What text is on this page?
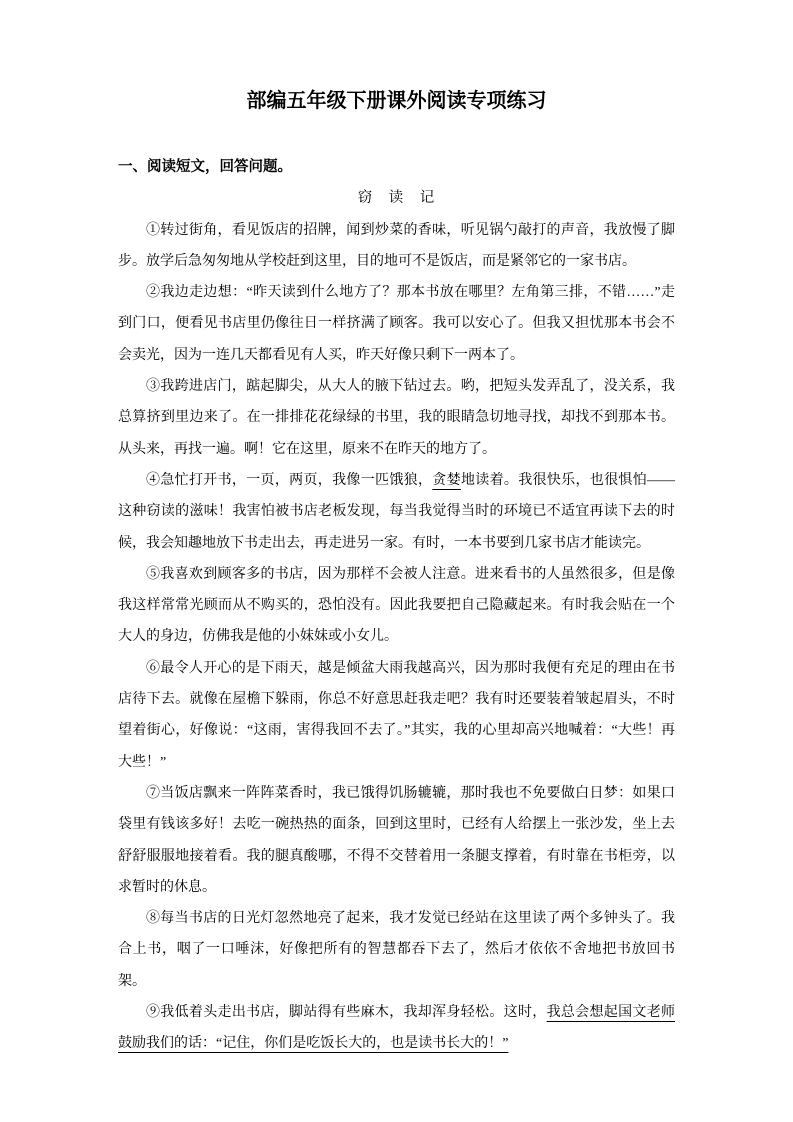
部编五年级下册课外阅读专项练习

一、阅读短文，回答问题。

窃　读　记

①转过街角，看见饭店的招牌，闻到炒菜的香味，听见锅勺敲打的声音，我放慢了脚步。放学后急匆匆地从学校赶到这里，目的地可不是饭店，而是紧邻它的一家书店。

②我边走边想：“昨天读到什么地方了？那本书放在哪里？左角第三排，不错……”走到门口，便看见书店里仍像往日一样挤满了顾客。我可以安心了。但我又担忧那本书会不会卖光，因为一连几天都看见有人买，昨天好像只剩下一两本了。

③我跨进店门，踮起脚尖，从大人的腋下钻过去。哟，把短头发弄乱了，没关系，我总算挤到里边来了。在一排排花花绿绿的书里，我的眼睛急切地寻找，却找不到那本书。从头来，再找一遍。啊！它在这里，原来不在昨天的地方了。

④急忙打开书，一页，两页，我像一匹饿狼，贪婪地读着。我很快乐，也很惧怕——这种窃读的滋味！我害怕被书店老板发现，每当我觉得当时的环境已不适宜再读下去的时候，我会知趣地放下书走出去，再走进另一家。有时，一本书要到几家书店才能读完。

⑤我喜欢到顾客多的书店，因为那样不会被人注意。进来看书的人虽然很多，但是像我这样常常光顾而从不购买的，恐怕没有。因此我要把自己隐藏起来。有时我会贴在一个大人的身边，仿佛我是他的小妹妹或小女儿。

⑥最令人开心的是下雨天，越是倾盆大雨我越高兴，因为那时我便有充足的理由在书店待下去。就像在屋檐下躲雨，你总不好意思赶我走吧？我有时还要装着皱起眉头，不时望着街心，好像说：“这雨，害得我回不去了。”其实，我的心里却高兴地喊着：“大些！再大些！”

⑦当饭店飘来一阵阵菜香时，我已饿得饥肠辘辘，那时我也不免要做白日梦：如果口袋里有钱该多好！去吃一碗热热的面条，回到这里时，已经有人给摆上一张沙发，坐上去舒舒服服地接着看。我的腿真酸哪，不得不交替着用一条腿支撑着，有时靠在书柜旁，以求暂时的休息。

⑧每当书店的日光灯忽然地亮了起来，我才发觉已经站在这里读了两个多钟头了。我合上书，咽了一口唾沫，好像把所有的智慧都吞下去了，然后才依依不舍地把书放回书架。

⑨我低着头走出书店，脚站得有些麻木，我却浑身轻松。这时，我总会想起国文老师鼓励我们的话：“记住，你们是吃饭长大的，也是读书长大的！”
